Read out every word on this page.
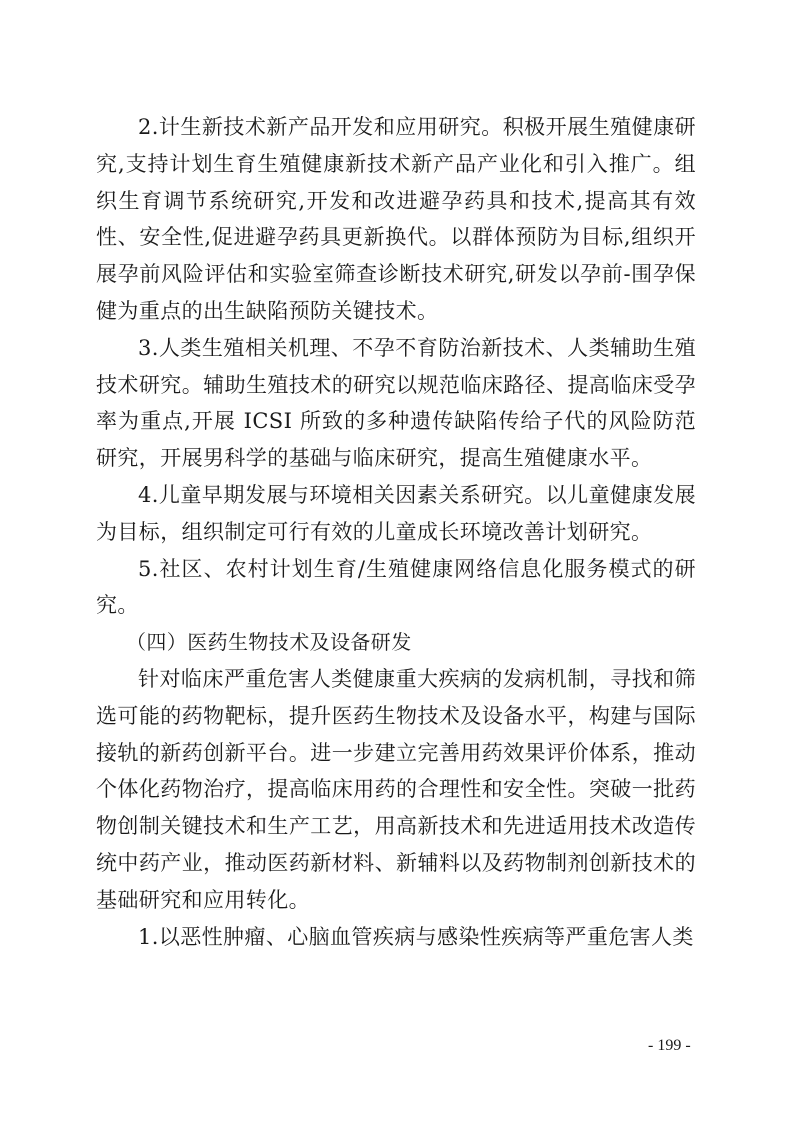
2.计生新技术新产品开发和应用研究。积极开展生殖健康研究,支持计划生育生殖健康新技术新产品产业化和引入推广。组织生育调节系统研究,开发和改进避孕药具和技术,提高其有效性、安全性,促进避孕药具更新换代。以群体预防为目标,组织开展孕前风险评估和实验室筛查诊断技术研究,研发以孕前-围孕保健为重点的出生缺陷预防关键技术。

3.人类生殖相关机理、不孕不育防治新技术、人类辅助生殖技术研究。辅助生殖技术的研究以规范临床路径、提高临床受孕率为重点,开展 ICSI 所致的多种遗传缺陷传给子代的风险防范研究，开展男科学的基础与临床研究，提高生殖健康水平。

4.儿童早期发展与环境相关因素关系研究。以儿童健康发展为目标，组织制定可行有效的儿童成长环境改善计划研究。

5.社区、农村计划生育/生殖健康网络信息化服务模式的研究。

（四）医药生物技术及设备研发

针对临床严重危害人类健康重大疾病的发病机制，寻找和筛选可能的药物靶标，提升医药生物技术及设备水平，构建与国际接轨的新药创新平台。进一步建立完善用药效果评价体系，推动个体化药物治疗，提高临床用药的合理性和安全性。突破一批药物创制关键技术和生产工艺，用高新技术和先进适用技术改造传统中药产业，推动医药新材料、新辅料以及药物制剂创新技术的基础研究和应用转化。

1.以恶性肿瘤、心脑血管疾病与感染性疾病等严重危害人类

- 199 -
